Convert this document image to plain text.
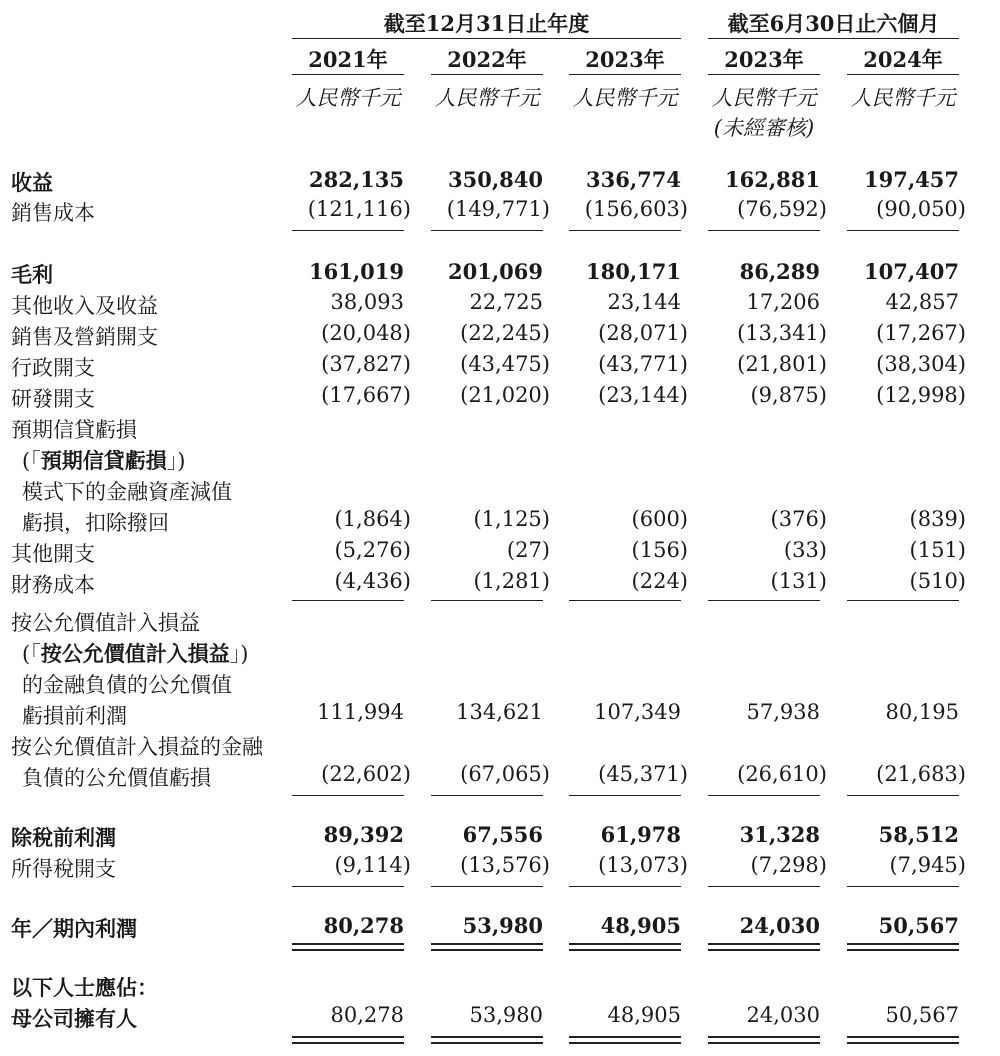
截至12月31日止年度	截至6月30日止六個月
2021年	2022年	2023年	2023年	2024年
人民幣千元	人民幣千元	人民幣千元	人民幣千元	人民幣千元
(未經審核)
收益	282,135 350,840 336,774 162,881 197,457
銷售成本	(121,116) (149,771) (156,603) (76,592) (90,050)
毛利	161,019 201,069 180,171	86,289 107,407
其他收入及收益	38,093	22,725	23,144	17,206	42,857
銷售及營銷開支	(20,048) (22,245) (28,071) (13,341) (17,267)
行政開支	(37,827) (43,475) (43,771) (21,801) (38,304)
研發開支	(17,667) (21,020) (23,144)	(9,875) (12,998)
預期信貸虧損
(「預期信貸虧損」)
模式下的金融資產減值
虧損，扣除撥回	(1,864)	(1,125)	(600)	(376)	(839)
其他開支	(5,276)	(27)	(156)	(33)	(151)
財務成本	(4,436)	(1,281)	(224)	(131)	(510)
按公允價值計入損益
(「按公允價值計入損益」)
的金融負債的公允價值
虧損前利潤	111,994 134,621 107,349	57,938	80,195
按公允價值計入損益的金融
負債的公允價值虧損	(22,602) (67,065) (45,371) (26,610) (21,683)
除稅前利潤	89,392	67,556	61,978	31,328	58,512
所得稅開支	(9,114) (13,576) (13,073)	(7,298)	(7,945)
年／期內利潤	80,278	53,980	48,905	24,030	50,567
以下人士應佔：
母公司擁有人	80,278	53,980	48,905	24,030	50,567
